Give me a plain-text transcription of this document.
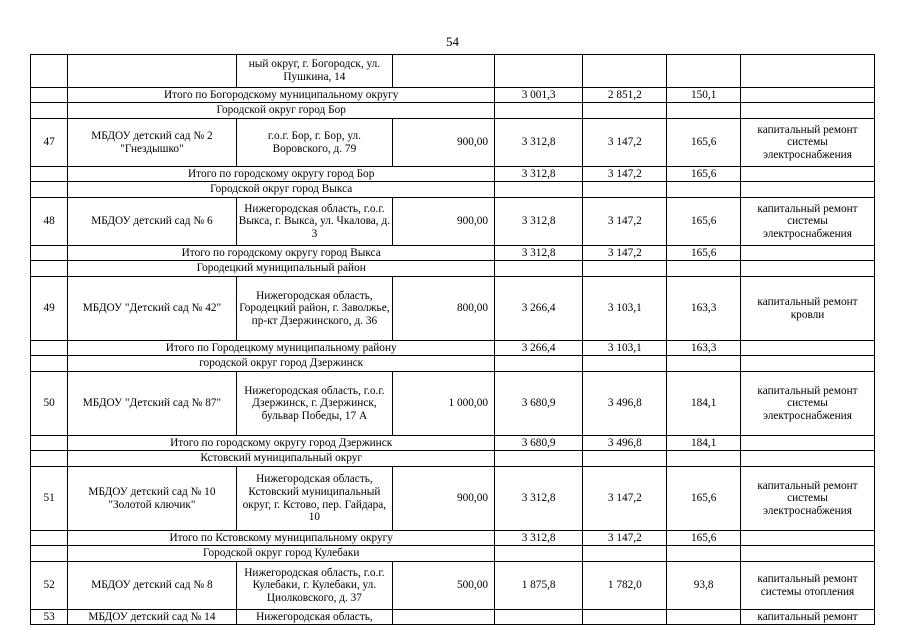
54
		ный округ, г. Богородск, ул. Пушкина, 14					
	Итого по Богородскому муниципальному округу			3 001,3	2 851,2	150,1	
	Городской округ город Бор						
47	МБДОУ детский сад № 2 "Гнездышко"	г.о.г. Бор, г. Бор, ул. Воровского, д. 79	900,00	3 312,8	3 147,2	165,6	капитальный ремонт системы электроснабжения
	Итого по городскому округу город Бор			3 312,8	3 147,2	165,6	
	Городской округ город Выкса						
48	МБДОУ детский сад № 6	Нижегородская область, г.о.г. Выкса, г. Выкса, ул. Чкалова, д. 3	900,00	3 312,8	3 147,2	165,6	капитальный ремонт системы электроснабжения
	Итого по городскому округу город Выкса			3 312,8	3 147,2	165,6	
	Городецкий муниципальный район						
49	МБДОУ "Детский сад № 42"	Нижегородская область, Городецкий район, г. Заволжье, пр-кт Дзержинского, д. 36	800,00	3 266,4	3 103,1	163,3	капитальный ремонт кровли
	Итого по Городецкому муниципальному району			3 266,4	3 103,1	163,3	
	городской округ город Дзержинск						
50	МБДОУ "Детский сад № 87"	Нижегородская область, г.о.г. Дзержинск, г. Дзержинск, бульвар Победы, 17 А	1 000,00	3 680,9	3 496,8	184,1	капитальный ремонт системы электроснабжения
	Итого по городскому округу город Дзержинск			3 680,9	3 496,8	184,1	
	Кстовский муниципальный округ						
51	МБДОУ детский сад № 10 "Золотой ключик"	Нижегородская область, Кстовский муниципальный округ, г. Кстово, пер. Гайдара, 10	900,00	3 312,8	3 147,2	165,6	капитальный ремонт системы электроснабжения
	Итого по Кстовскому муниципальному округу			3 312,8	3 147,2	165,6	
	Городской округ город Кулебаки						
52	МБДОУ детский сад № 8	Нижегородская область, г.о.г. Кулебаки, г. Кулебаки, ул. Циолковского, д. 37	500,00	1 875,8	1 782,0	93,8	капитальный ремонт системы отопления
53	МБДОУ детский сад № 14	Нижегородская область,					капитальный ремонт
